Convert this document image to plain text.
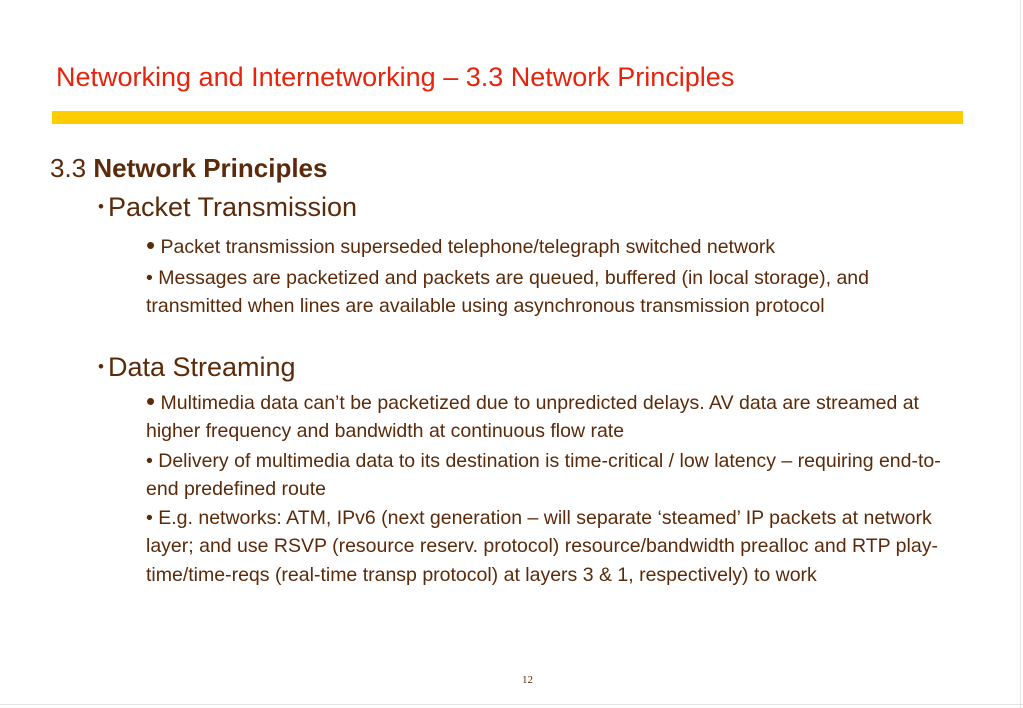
Networking and Internetworking – 3.3 Network Principles
3.3 Network Principles
• Packet Transmission
• Packet transmission superseded telephone/telegraph switched network
• Messages are packetized and packets are queued, buffered (in local storage), and transmitted when lines are available using asynchronous transmission protocol
• Data Streaming
• Multimedia data can’t be packetized due to unpredicted delays. AV data are streamed at higher frequency and bandwidth at continuous flow rate
• Delivery of multimedia data to its destination is time-critical / low latency – requiring end-to-end predefined route
• E.g. networks: ATM, IPv6 (next generation – will separate ‘steamed’ IP packets at network layer; and use RSVP (resource reserv. protocol) resource/bandwidth prealloc and RTP play-time/time-reqs (real-time transp protocol) at layers 3 & 1, respectively) to work
12
